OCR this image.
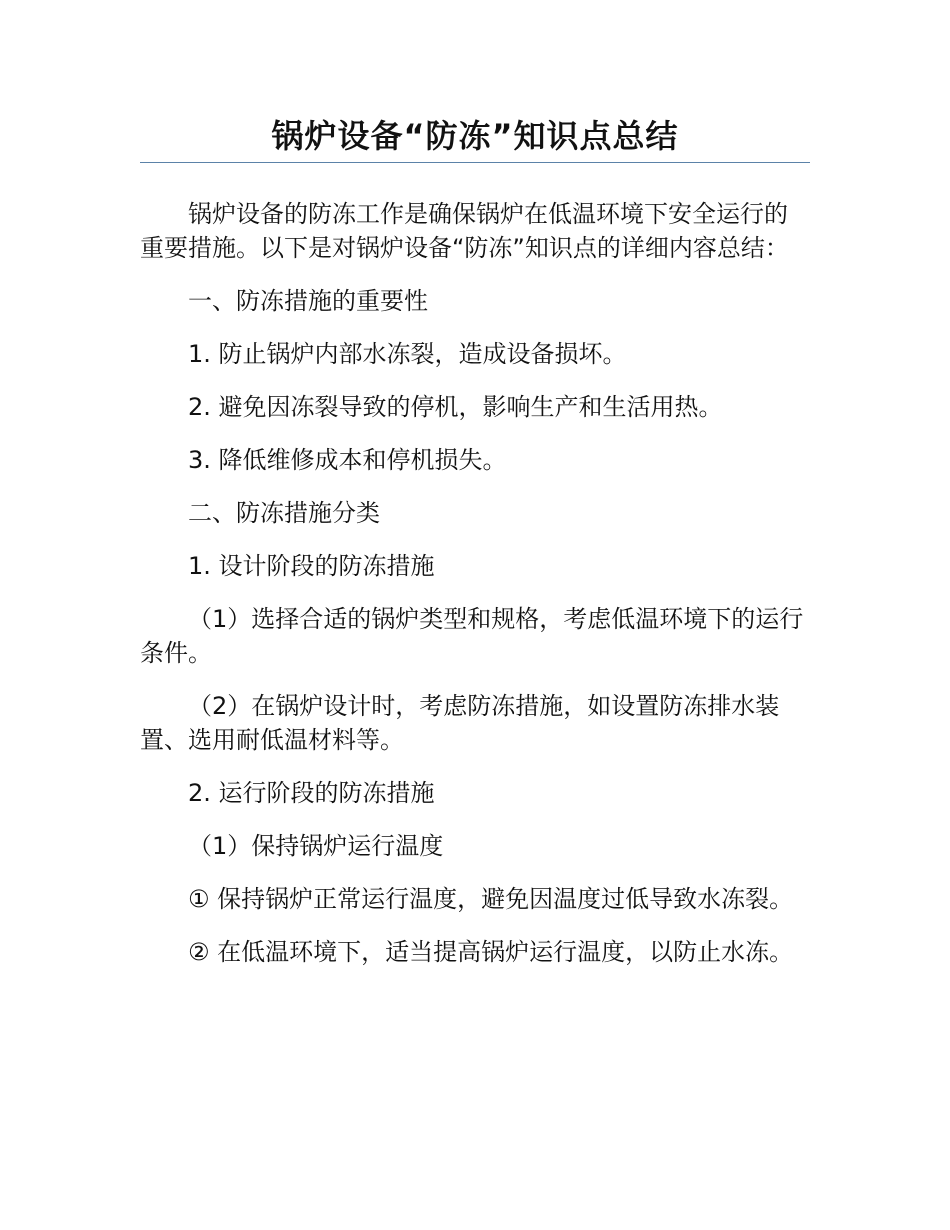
锅炉设备“防冻”知识点总结

锅炉设备的防冻工作是确保锅炉在低温环境下安全运行的重要措施。以下是对锅炉设备“防冻”知识点的详细内容总结：

一、防冻措施的重要性

1. 防止锅炉内部水冻裂，造成设备损坏。

2. 避免因冻裂导致的停机，影响生产和生活用热。

3. 降低维修成本和停机损失。

二、防冻措施分类

1. 设计阶段的防冻措施

（1）选择合适的锅炉类型和规格，考虑低温环境下的运行条件。

（2）在锅炉设计时，考虑防冻措施，如设置防冻排水装置、选用耐低温材料等。

2. 运行阶段的防冻措施

（1）保持锅炉运行温度

① 保持锅炉正常运行温度，避免因温度过低导致水冻裂。

② 在低温环境下，适当提高锅炉运行温度，以防止水冻。
